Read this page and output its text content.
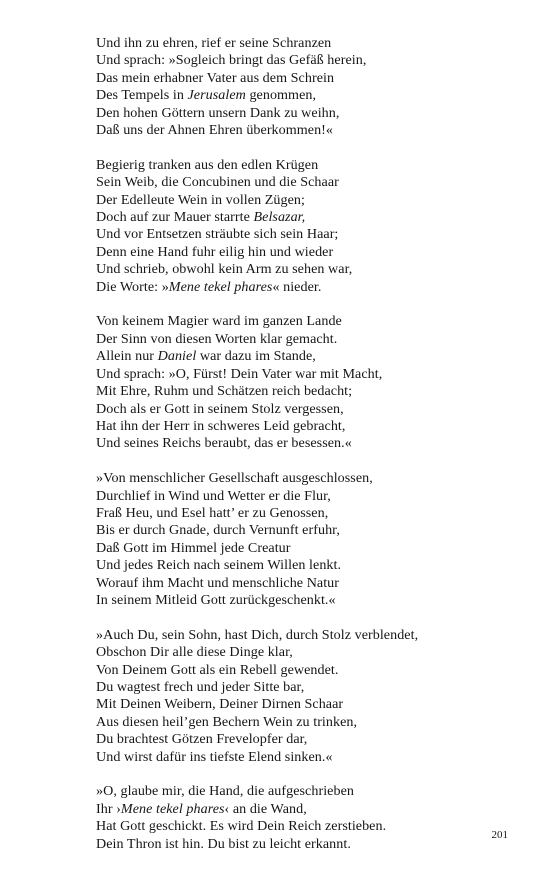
Und ihn zu ehren, rief er seine Schranzen
Und sprach: »Sogleich bringt das Gefäß herein,
Das mein erhabner Vater aus dem Schrein
Des Tempels in Jerusalem genommen,
Den hohen Göttern unsern Dank zu weihn,
Daß uns der Ahnen Ehren überkommen!«
Begierig tranken aus den edlen Krügen
Sein Weib, die Concubinen und die Schaar
Der Edelleute Wein in vollen Zügen;
Doch auf zur Mauer starrte Belsazar,
Und vor Entsetzen sträubte sich sein Haar;
Denn eine Hand fuhr eilig hin und wieder
Und schrieb, obwohl kein Arm zu sehen war,
Die Worte: »Mene tekel phares« nieder.
Von keinem Magier ward im ganzen Lande
Der Sinn von diesen Worten klar gemacht.
Allein nur Daniel war dazu im Stande,
Und sprach: »O, Fürst! Dein Vater war mit Macht,
Mit Ehre, Ruhm und Schätzen reich bedacht;
Doch als er Gott in seinem Stolz vergessen,
Hat ihn der Herr in schweres Leid gebracht,
Und seines Reichs beraubt, das er besessen.«
»Von menschlicher Gesellschaft ausgeschlossen,
Durchlief in Wind und Wetter er die Flur,
Fraß Heu, und Esel hatt’ er zu Genossen,
Bis er durch Gnade, durch Vernunft erfuhr,
Daß Gott im Himmel jede Creatur
Und jedes Reich nach seinem Willen lenkt.
Worauf ihm Macht und menschliche Natur
In seinem Mitleid Gott zurückgeschenkt.«
»Auch Du, sein Sohn, hast Dich, durch Stolz verblendet,
Obschon Dir alle diese Dinge klar,
Von Deinem Gott als ein Rebell gewendet.
Du wagtest frech und jeder Sitte bar,
Mit Deinen Weibern, Deiner Dirnen Schaar
Aus diesen heil’gen Bechern Wein zu trinken,
Du brachtest Götzen Frevelopfer dar,
Und wirst dafür ins tiefste Elend sinken.«
»O, glaube mir, die Hand, die aufgeschrieben
Ihr ›Mene tekel phares‹ an die Wand,
Hat Gott geschickt. Es wird Dein Reich zerstieben.
Dein Thron ist hin. Du bist zu leicht erkannt.
201
